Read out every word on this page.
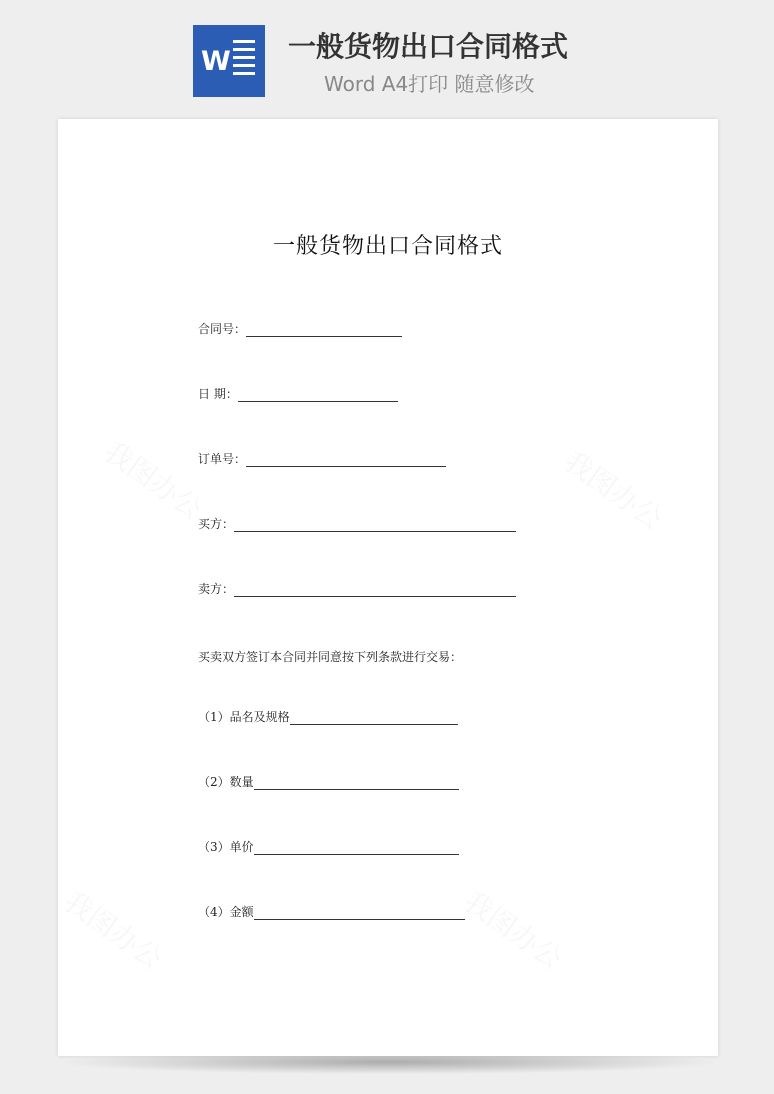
W 一般货物出口合同格式
Word A4打印 随意修改
一般货物出口合同格式
合同号：
日 期：
订单号：
买方：
卖方：
买卖双方签订本合同并同意按下列条款进行交易：
（1）品名及规格
（2）数量
（3）单价
（4）金额
